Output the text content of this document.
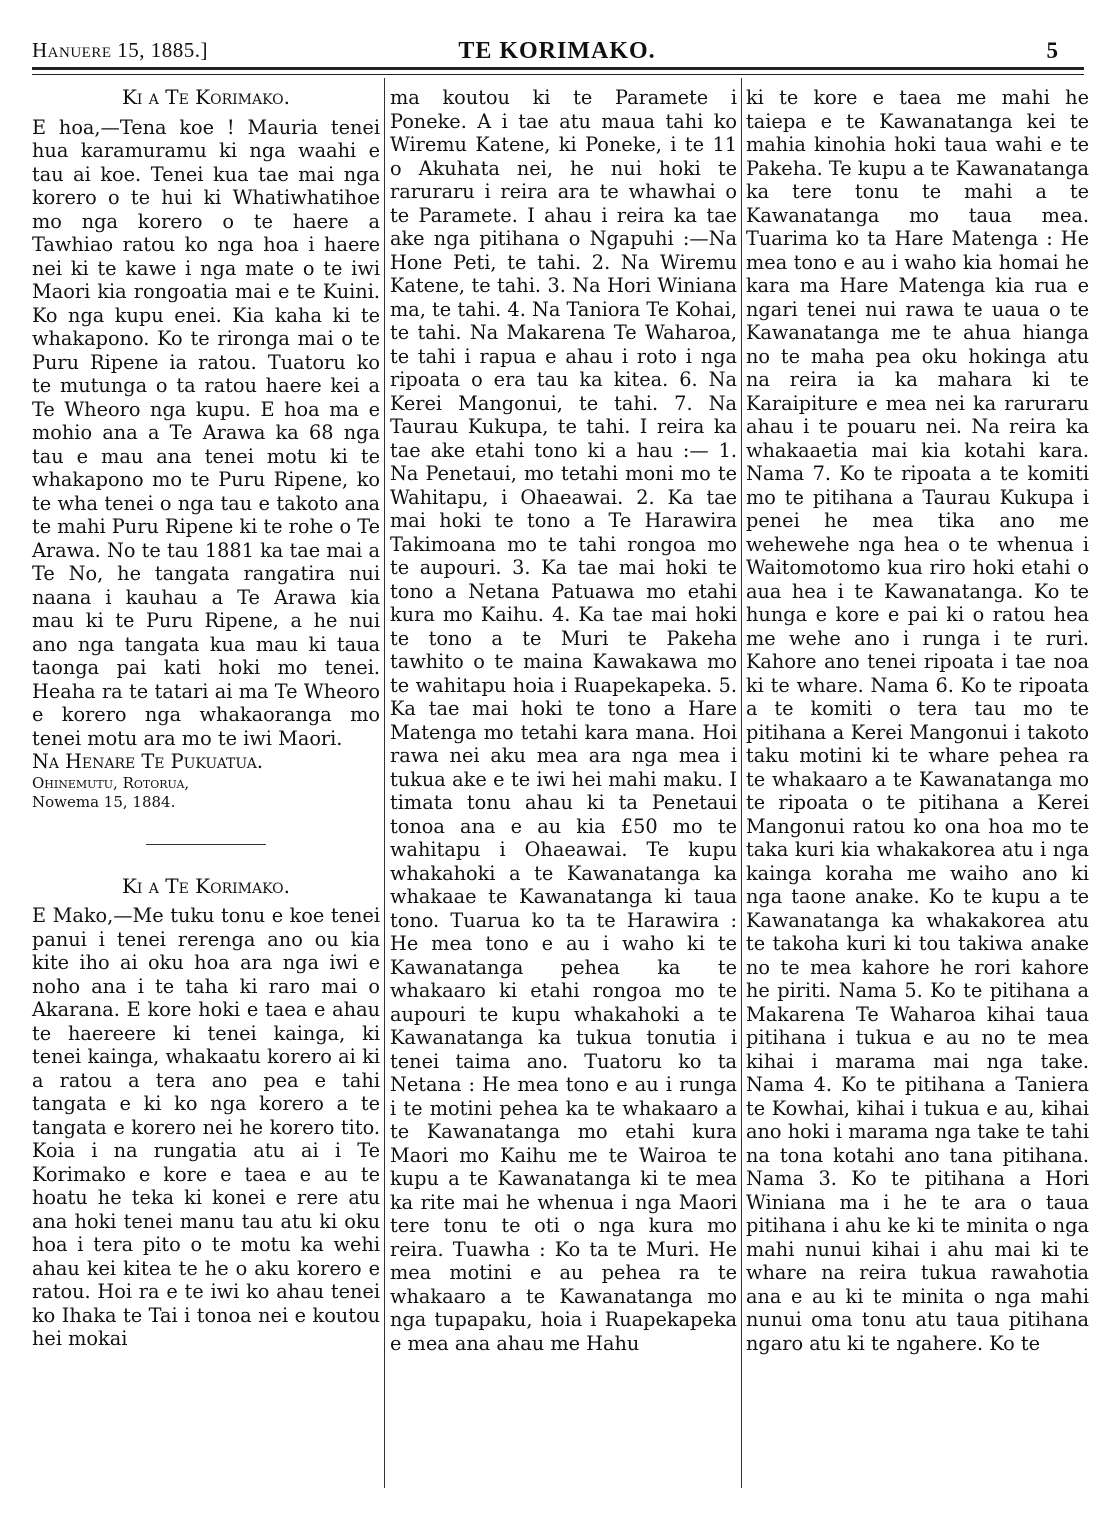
Hanuere 15, 1885.]	TE KORIMAKO.	5
Ki a Te Korimako.

E hoa,—Tena koe ! Mauria tenei hua karamuramu ki nga waahi e tau ai koe. Tenei kua tae mai nga korero o te hui ki Whatiwhatihoe mo nga korero o te haere a Tawhiao ratou ko nga hoa i haere nei ki te kawe i nga mate o te iwi Maori kia rongoatia mai e te Kuini. Ko nga kupu enei. Kia kaha ki te whakapono. Ko te rironga mai o te Puru Ripene ia ratou. Tuatoru ko te mutunga o ta ratou haere kei a Te Wheoro nga kupu. E hoa ma e mohio ana a Te Arawa ka 68 nga tau e mau ana tenei motu ki te whakapono mo te Puru Ripene, ko te wha tenei o nga tau e takoto ana te mahi Puru Ripene ki te rohe o Te Arawa. No te tau 1881 ka tae mai a Te No, he tangata rangatira nui naana i kauhau a Te Arawa kia mau ki te Puru Ripene, a he nui ano nga tangata kua mau ki taua taonga pai kati hoki mo tenei. Heaha ra te tatari ai ma Te Wheoro e korero nga whakaoranga mo tenei motu ara mo te iwi Maori.

Na Henare Te Pukuatua.

Ohinemutu, Rotorua,

Nowema 15, 1884.

Ki a Te Korimako.

E Mako,—Me tuku tonu e koe tenei panui i tenei rerenga ano ou kia kite iho ai oku hoa ara nga iwi e noho ana i te taha ki raro mai o Akarana. E kore hoki e taea e ahau te haereere ki tenei kainga, ki tenei kainga, whakaatu korero ai ki a ratou a tera ano pea e tahi tangata e ki ko nga korero a te tangata e korero nei he korero tito. Koia i na rungatia atu ai i Te Korimako e kore e taea e au te hoatu he teka ki konei e rere atu ana hoki tenei manu tau atu ki oku hoa i tera pito o te motu ka wehi ahau kei kitea te he o aku korero e ratou. Hoi ra e te iwi ko ahau tenei ko Ihaka te Tai i tonoa nei e koutou hei mokai

ma koutou ki te Paramete i Poneke. A i tae atu maua tahi ko Wiremu Katene, ki Poneke, i te 11 o Akuhata nei, he nui hoki te raruraru i reira ara te whawhai o te Paramete. I ahau i reira ka tae ake nga pitihana o Ngapuhi :—Na Hone Peti, te tahi. 2. Na Wiremu Katene, te tahi. 3. Na Hori Winiana ma, te tahi. 4. Na Taniora Te Kohai, te tahi. Na Makarena Te Waharoa, te tahi i rapua e ahau i roto i nga ripoata o era tau ka kitea. 6. Na Kerei Mangonui, te tahi. 7. Na Taurau Kukupa, te tahi. I reira ka tae ake etahi tono ki a hau :— 1. Na Penetaui, mo tetahi moni mo te Wahitapu, i Ohaeawai. 2. Ka tae mai hoki te tono a Te Harawira Takimoana mo te tahi rongoa mo te aupouri. 3. Ka tae mai hoki te tono a Netana Patuawa mo etahi kura mo Kaihu. 4. Ka tae mai hoki te tono a te Muri te Pakeha tawhito o te maina Kawakawa mo te wahitapu hoia i Ruapekapeka. 5. Ka tae mai hoki te tono a Hare Matenga mo tetahi kara mana. Hoi rawa nei aku mea ara nga mea i tukua ake e te iwi hei mahi maku. I timata tonu ahau ki ta Penetaui tonoa ana e au kia £50 mo te wahitapu i Ohaeawai. Te kupu whakahoki a te Kawanatanga ka whakaae te Kawanatanga ki taua tono. Tuarua ko ta te Harawira : He mea tono e au i waho ki te Kawanatanga pehea ka te whakaaro ki etahi rongoa mo te aupouri te kupu whakahoki a te Kawanatanga ka tukua tonutia i tenei taima ano. Tuatoru ko ta Netana : He mea tono e au i runga i te motini pehea ka te whakaaro a te Kawanatanga mo etahi kura Maori mo Kaihu me te Wairoa te kupu a te Kawanatanga ki te mea ka rite mai he whenua i nga Maori tere tonu te oti o nga kura mo reira. Tuawha : Ko ta te Muri. He mea motini e au pehea ra te whakaaro a te Kawanatanga mo nga tupapaku, hoia i Ruapekapeka e mea ana ahau me Hahu

ki te kore e taea me mahi he taiepa e te Kawanatanga kei te mahia kinohia hoki taua wahi e te Pakeha. Te kupu a te Kawanatanga ka tere tonu te mahi a te Kawanatanga mo taua mea. Tuarima ko ta Hare Matenga : He mea tono e au i waho kia homai he kara ma Hare Matenga kia rua e ngari tenei nui rawa te uaua o te Kawanatanga me te ahua hianga no te maha pea oku hokinga atu na reira ia ka mahara ki te Karaipiture e mea nei ka raruraru ahau i te pouaru nei. Na reira ka whakaaetia mai kia kotahi kara. Nama 7. Ko te ripoata a te komiti mo te pitihana a Taurau Kukupa i penei he mea tika ano me wehewehe nga hea o te whenua i Waitomotomo kua riro hoki etahi o aua hea i te Kawanatanga. Ko te hunga e kore e pai ki o ratou hea me wehe ano i runga i te ruri. Kahore ano tenei ripoata i tae noa ki te whare. Nama 6. Ko te ripoata a te komiti o tera tau mo te pitihana a Kerei Mangonui i takoto taku motini ki te whare pehea ra te whakaaro a te Kawanatanga mo te ripoata o te pitihana a Kerei Mangonui ratou ko ona hoa mo te taka kuri kia whakakorea atu i nga kainga koraha me waiho ano ki nga taone anake. Ko te kupu a te Kawanatanga ka whakakorea atu te takoha kuri ki tou takiwa anake no te mea kahore he rori kahore he piriti. Nama 5. Ko te pitihana a Makarena Te Waharoa kihai taua pitihana i tukua e au no te mea kihai i marama mai nga take. Nama 4. Ko te pitihana a Taniera te Kowhai, kihai i tukua e au, kihai ano hoki i marama nga take te tahi na tona kotahi ano tana pitihana. Nama 3. Ko te pitihana a Hori Winiana ma i he te ara o taua pitihana i ahu ke ki te minita o nga mahi nunui kihai i ahu mai ki te whare na reira tukua rawahotia ana e au ki te minita o nga mahi nunui oma tonu atu taua pitihana ngaro atu ki te ngahere. Ko te
